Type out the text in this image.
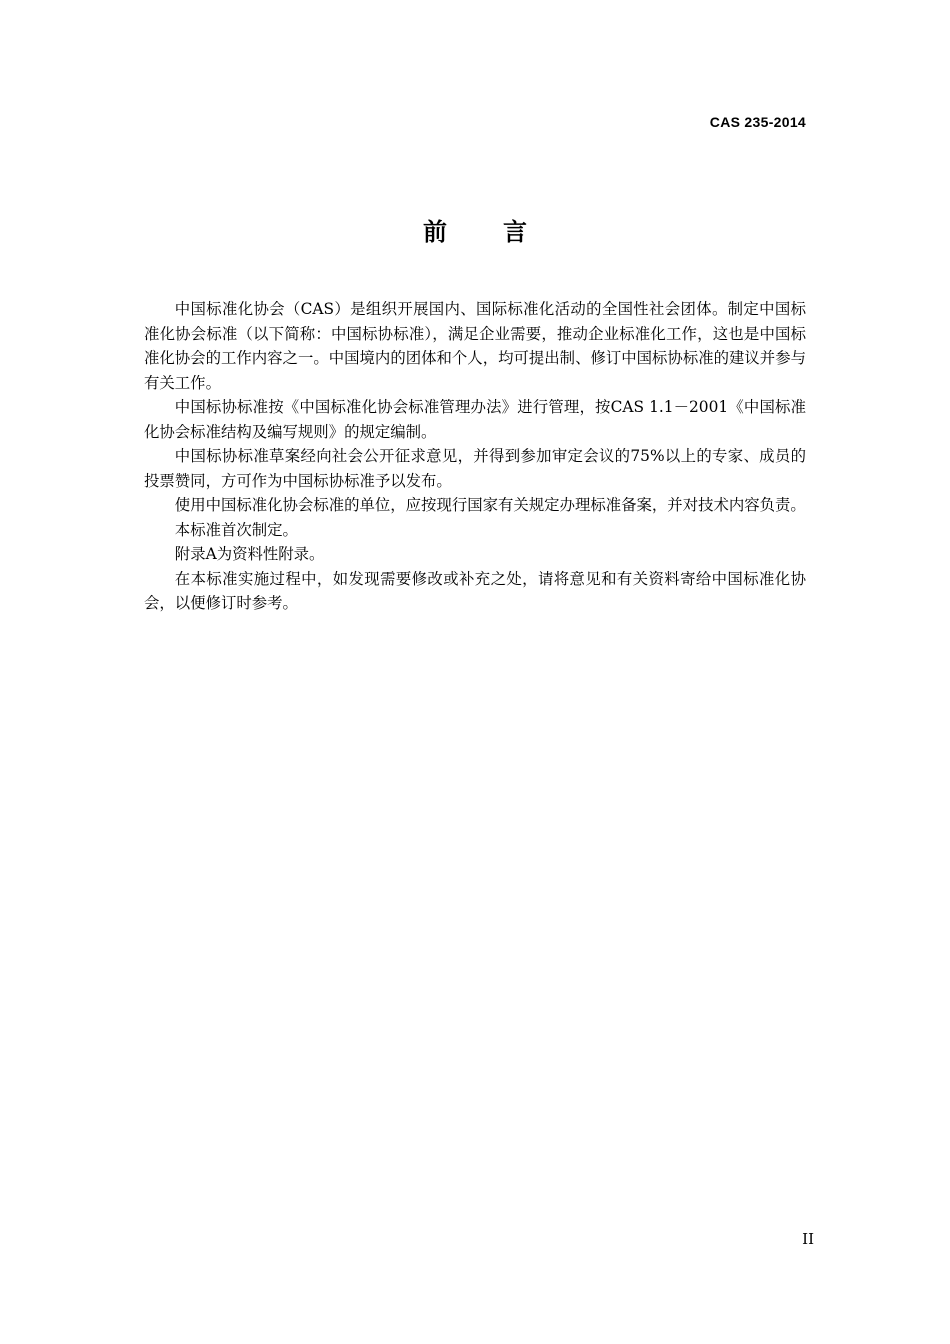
CAS 235-2014
前言

中国标准化协会（CAS）是组织开展国内、国际标准化活动的全国性社会团体。制定中国标准化协会标准（以下简称：中国标协标准），满足企业需要，推动企业标准化工作，这也是中国标准化协会的工作内容之一。中国境内的团体和个人，均可提出制、修订中国标协标准的建议并参与有关工作。

中国标协标准按《中国标准化协会标准管理办法》进行管理，按CAS 1.1－2001《中国标准化协会标准结构及编写规则》的规定编制。

中国标协标准草案经向社会公开征求意见，并得到参加审定会议的75%以上的专家、成员的投票赞同，方可作为中国标协标准予以发布。

使用中国标准化协会标准的单位，应按现行国家有关规定办理标准备案，并对技术内容负责。

本标准首次制定。

附录A为资料性附录。

在本标准实施过程中，如发现需要修改或补充之处，请将意见和有关资料寄给中国标准化协会，以便修订时参考。

II
